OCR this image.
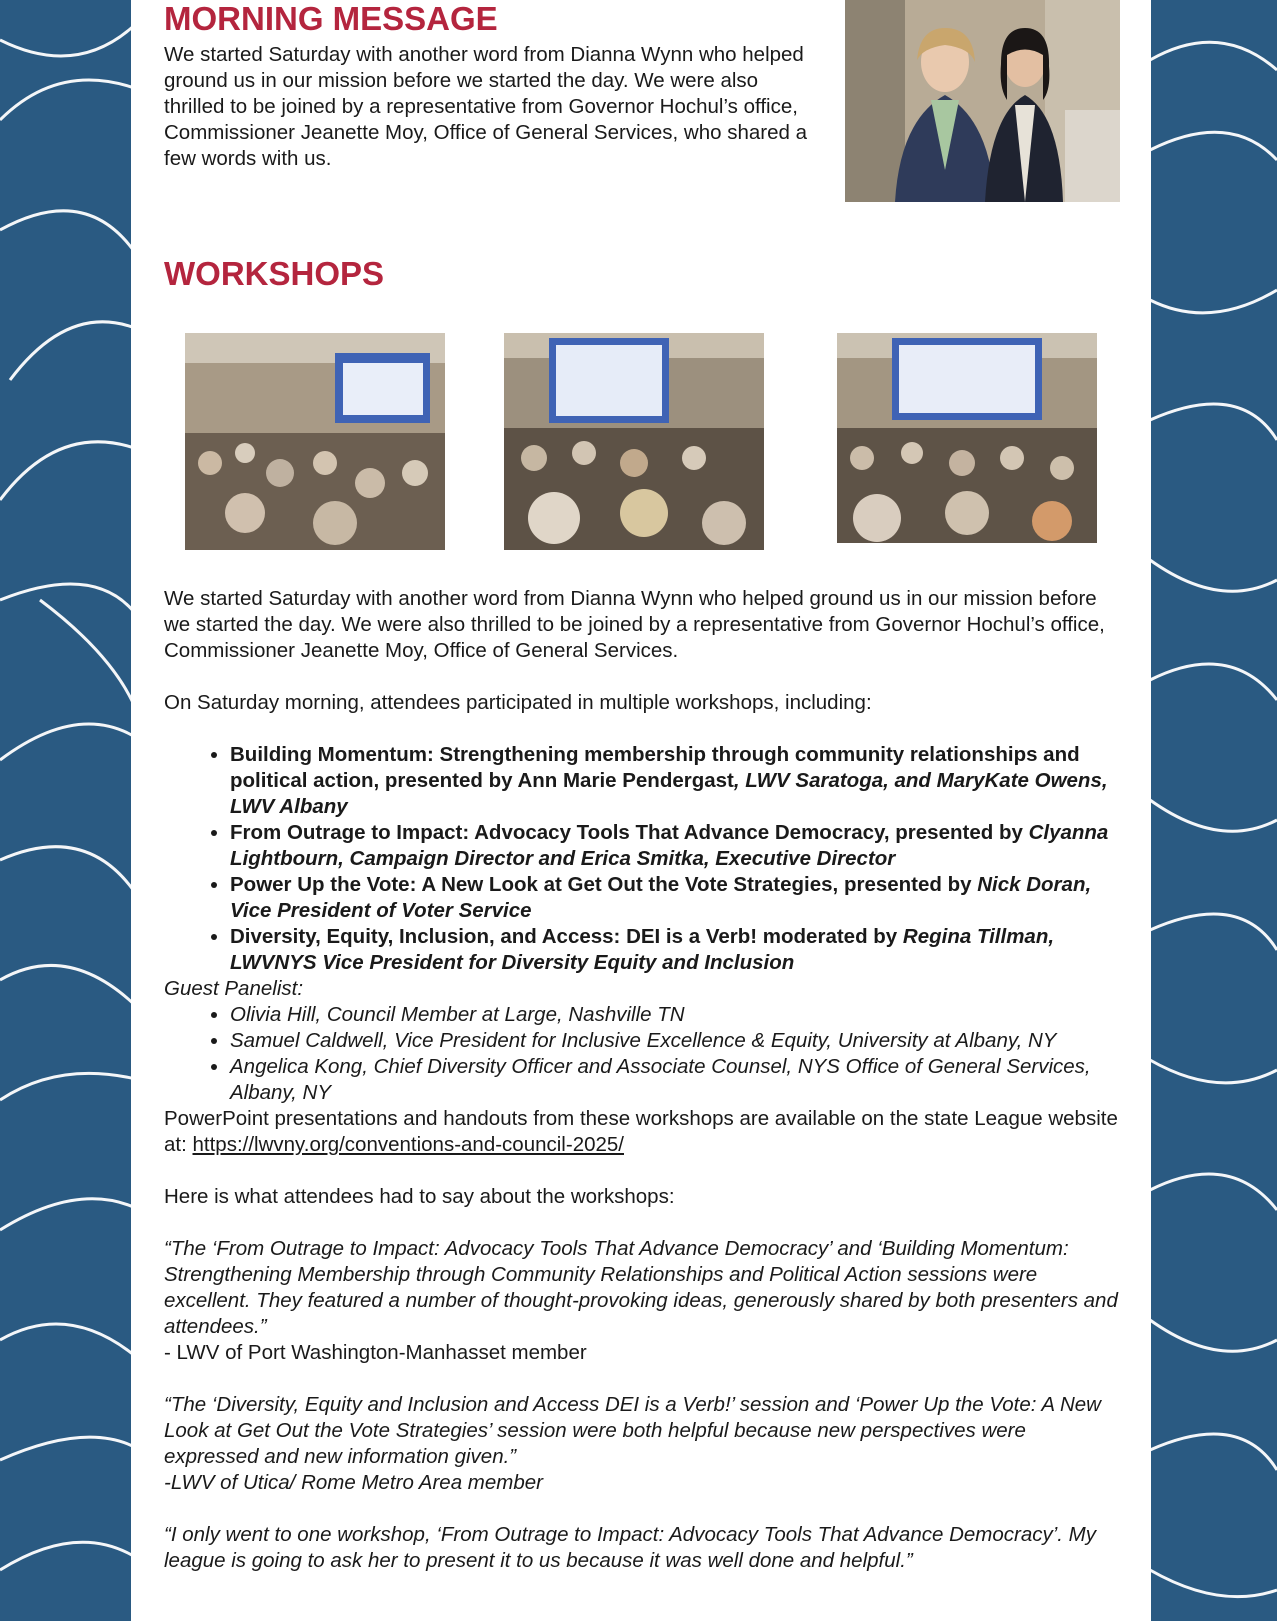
MORNING MESSAGE

We started Saturday with another word from Dianna Wynn who helped ground us in our mission before we started the day. We were also thrilled to be joined by a representative from Governor Hochul’s office, Commissioner Jeanette Moy, Office of General Services, who shared a few words with us.

WORKSHOPS

We started Saturday with another word from Dianna Wynn who helped ground us in our mission before we started the day. We were also thrilled to be joined by a representative from Governor Hochul’s office, Commissioner Jeanette Moy, Office of General Services.

On Saturday morning, attendees participated in multiple workshops, including:

• Building Momentum: Strengthening membership through community relationships and political action, presented by Ann Marie Pendergast, LWV Saratoga, and MaryKate Owens, LWV Albany
• From Outrage to Impact: Advocacy Tools That Advance Democracy, presented by Clyanna Lightbourn, Campaign Director and Erica Smitka, Executive Director
• Power Up the Vote: A New Look at Get Out the Vote Strategies, presented by Nick Doran, Vice President of Voter Service
• Diversity, Equity, Inclusion, and Access: DEI is a Verb! moderated by Regina Tillman, LWVNYS Vice President for Diversity Equity and Inclusion

Guest Panelist:

• Olivia Hill, Council Member at Large, Nashville TN
• Samuel Caldwell, Vice President for Inclusive Excellence & Equity, University at Albany, NY
• Angelica Kong, Chief Diversity Officer and Associate Counsel, NYS Office of General Services, Albany, NY

PowerPoint presentations and handouts from these workshops are available on the state League website at: https://lwvny.org/conventions-and-council-2025/

Here is what attendees had to say about the workshops:

“The ‘From Outrage to Impact: Advocacy Tools That Advance Democracy’ and ‘Building Momentum: Strengthening Membership through Community Relationships and Political Action sessions were excellent. They featured a number of thought-provoking ideas, generously shared by both presenters and attendees.”

- LWV of Port Washington-Manhasset member

“The ‘Diversity, Equity and Inclusion and Access DEI is a Verb!’ session and ‘Power Up the Vote: A New Look at Get Out the Vote Strategies’ session were both helpful because new perspectives were expressed and new information given.”

-LWV of Utica/ Rome Metro Area member

“I only went to one workshop, ‘From Outrage to Impact: Advocacy Tools That Advance Democracy’. My league is going to ask her to present it to us because it was well done and helpful.”
